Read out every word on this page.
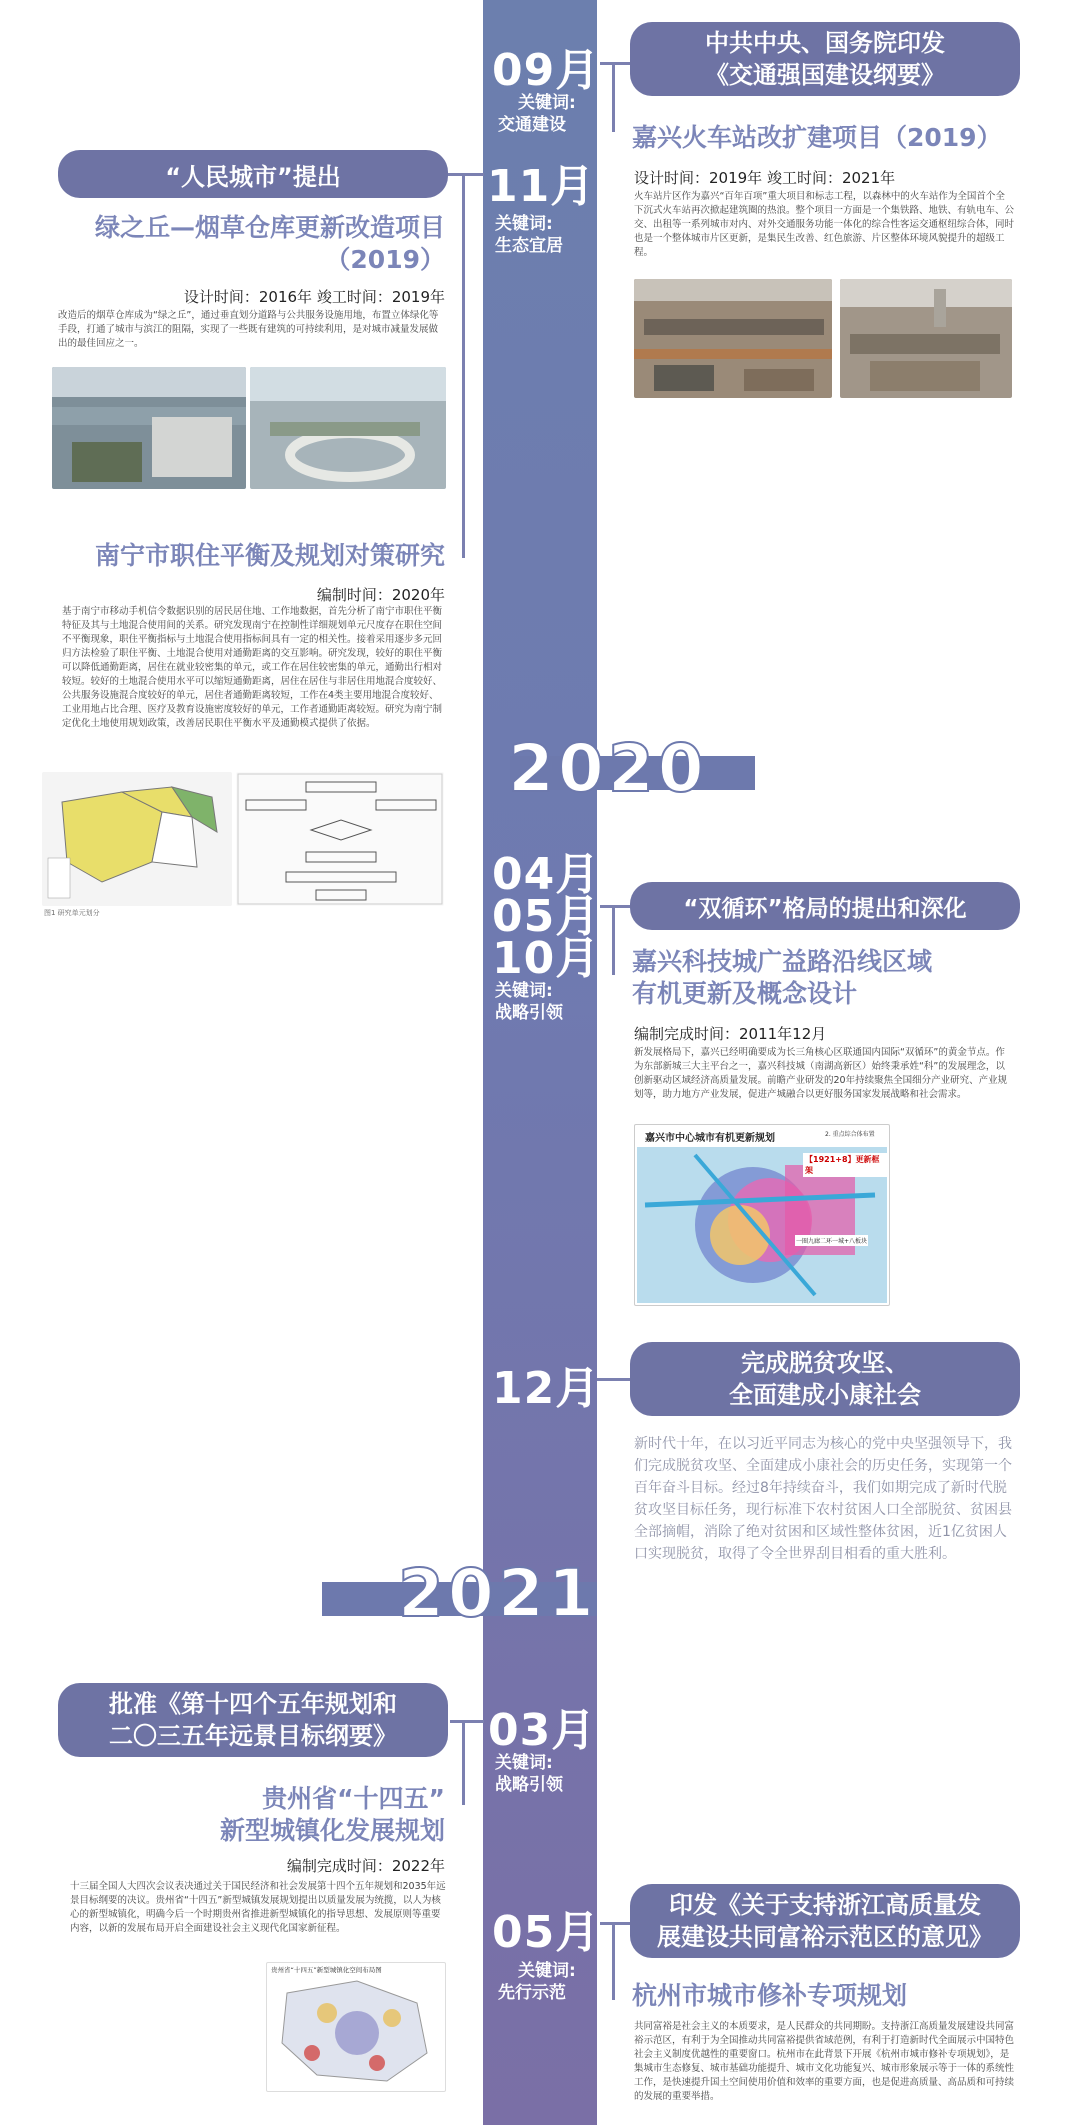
09月
关键词:
交通建设
11月
关键词:
生态宜居
2020
04月
05月
10月
关键词:
战略引领
12月
2021
03月
关键词:
战略引领
05月
关键词:
先行示范
中共中央、国务院印发
《交通强国建设纲要》
嘉兴火车站改扩建项目（2019）
设计时间：2019年 竣工时间：2021年
火车站片区作为嘉兴“百年百项”重大项目和标志工程，以森林中的火车站作为全国首个全下沉式火车站再次掀起建筑圈的热浪。整个项目一方面是一个集铁路、地铁、有轨电车、公交、出租等一系列城市对内、对外交通服务功能一体化的综合性客运交通枢纽综合体，同时也是一个整体城市片区更新，是集民生改善、红色旅游、片区整体环境风貌提升的超级工程。
“人民城市”提出
绿之丘—烟草仓库更新改造项目
（2019）
设计时间：2016年 竣工时间：2019年
改造后的烟草仓库成为“绿之丘”，通过垂直划分道路与公共服务设施用地，布置立体绿化等手段，打通了城市与滨江的阻隔，实现了一些既有建筑的可持续利用，是对城市减量发展做出的最佳回应之一。
南宁市职住平衡及规划对策研究
编制时间：2020年
基于南宁市移动手机信令数据识别的居民居住地、工作地数据，首先分析了南宁市职住平衡特征及其与土地混合使用间的关系。研究发现南宁在控制性详细规划单元尺度存在职住空间不平衡现象，职住平衡指标与土地混合使用指标间具有一定的相关性。接着采用逐步多元回归方法检验了职住平衡、土地混合使用对通勤距离的交互影响。研究发现，较好的职住平衡可以降低通勤距离，居住在就业较密集的单元，或工作在居住较密集的单元，通勤出行相对较短。较好的土地混合使用水平可以缩短通勤距离，居住在居住与非居住用地混合度较好、公共服务设施混合度较好的单元，居住者通勤距离较短，工作在4类主要用地混合度较好、工业用地占比合理、医疗及教育设施密度较好的单元，工作者通勤距离较短。研究为南宁制定优化土地使用规划政策，改善居民职住平衡水平及通勤模式提供了依据。
图1 研究单元划分	“双循环”格局的提出和深化
嘉兴科技城广益路沿线区域
有机更新及概念设计
编制完成时间：2011年12月
新发展格局下，嘉兴已经明确要成为长三角核心区联通国内国际“双循环”的黄金节点。作为东部新城三大主平台之一，嘉兴科技城（南湖高新区）始终秉承姓“科”的发展理念，以创新驱动区域经济高质量发展。前瞻产业研发的20年持续聚焦全国细分产业研究、产业规划等，助力地方产业发展，促进产城融合以更好服务国家发展战略和社会需求。
嘉兴市中心城市有机更新规划	2. 重点综合体布置
【1921+8】更新框架
一圈九廊二环一城+八板块
完成脱贫攻坚、
全面建成小康社会
新时代十年，在以习近平同志为核心的党中央坚强领导下，我们完成脱贫攻坚、全面建成小康社会的历史任务，实现第一个百年奋斗目标。经过8年持续奋斗，我们如期完成了新时代脱贫攻坚目标任务，现行标准下农村贫困人口全部脱贫、贫困县全部摘帽，消除了绝对贫困和区域性整体贫困，近1亿贫困人口实现脱贫，取得了令全世界刮目相看的重大胜利。
批准《第十四个五年规划和
二〇三五年远景目标纲要》
贵州省“十四五”
新型城镇化发展规划
编制完成时间：2022年
十三届全国人大四次会议表决通过关于国民经济和社会发展第十四个五年规划和2035年远景目标纲要的决议。贵州省“十四五”新型城镇发展规划提出以质量发展为统揽，以人为核心的新型城镇化，明确今后一个时期贵州省推进新型城镇化的指导思想、发展原则等重要内容，以新的发展布局开启全面建设社会主义现代化国家新征程。
贵州省“十四五”新型城镇化空间布局图
印发《关于支持浙江高质量发
展建设共同富裕示范区的意见》
杭州市城市修补专项规划
共同富裕是社会主义的本质要求，是人民群众的共同期盼。支持浙江高质量发展建设共同富裕示范区，有利于为全国推动共同富裕提供省域范例，有利于打造新时代全面展示中国特色社会主义制度优越性的重要窗口。杭州市在此背景下开展《杭州市城市修补专项规划》，是集城市生态修复、城市基础功能提升、城市文化功能复兴、城市形象展示等于一体的系统性工作，是快速提升国土空间使用价值和效率的重要方面，也是促进高质量、高品质和可持续的发展的重要举措。
